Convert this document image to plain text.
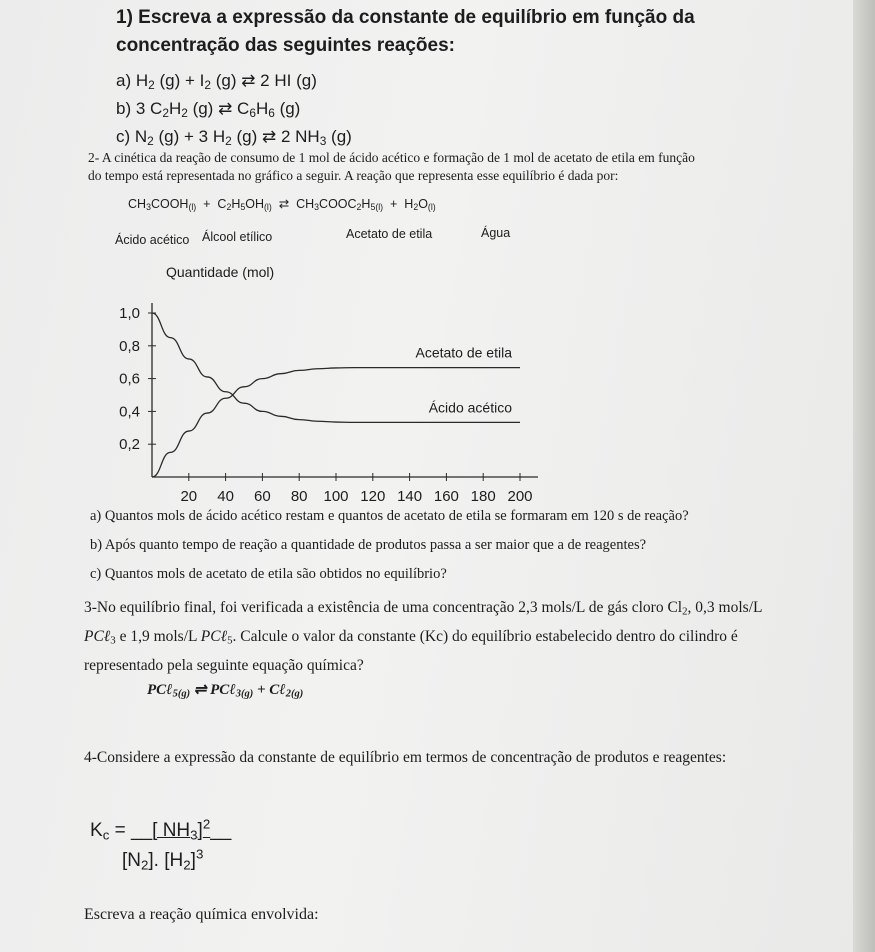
1) Escreva a expressão da constante de equilíbrio em função da
concentração das seguintes reações:
a) $H_2$ $(g) + I_2$ (g) ⇄ 2 HI (g)
b) 3 $C_2H_2$ (g) ⇄ $C_6H_6$ (g)
c) $N_2$ (g) + 3 $H_2$ (g) ⇄ 2 $NH_3$ (g)
2- A cinética da reação de consumo de 1 mol de ácido acético e formação de 1 mol de acetato de etila em função
do tempo está representada no gráfico a seguir. A reação que representa esse equilíbrio é dada por:
$CH_3COOH_{(l)} + C_2H_5OH_{(l)}$  ⇄  $CH_3COOC_2H_{5(l)} + H_2O_{(l)}$
Ácido acético Álcool etílico	Acetato de etila	Água
20 40 60 80 100 120 140 160 180 200
0,2
0,4
0,6
0,8
1,0
Quantidade (mol)
Acetato de etila
Ácido acético
a) Quantos mols de ácido acético restam e quantos de acetato de etila se formaram em 120 s de reação?
b) Após quanto tempo de reação a quantidade de produtos passa a ser maior que a de reagentes?
c) Quantos mols de acetato de etila são obtidos no equilíbrio?
3-No equilíbrio final, foi verificada a existência de uma concentração 2,3 mols/L de gás cloro $Cl_2$, 0,3 mols/L
PCℓ$_3$ e 1,9 mols/L PCℓ$_5$. Calcule o valor da constante (Kc) do equilíbrio estabelecido dentro do cilindro é
representado pela seguinte equação química?
PCℓ$_{5(g)}$ ⇌ PCℓ$_{3(g)}$ + Cℓ$_{2(g)}$
4-Considere a expressão da constante de equilíbrio em termos de concentração de produtos e reagentes:
$K_c$ = __[ $NH_3]^2\_\_$
$[N_2]$. $[H_2]^3$
Escreva a reação química envolvida:
